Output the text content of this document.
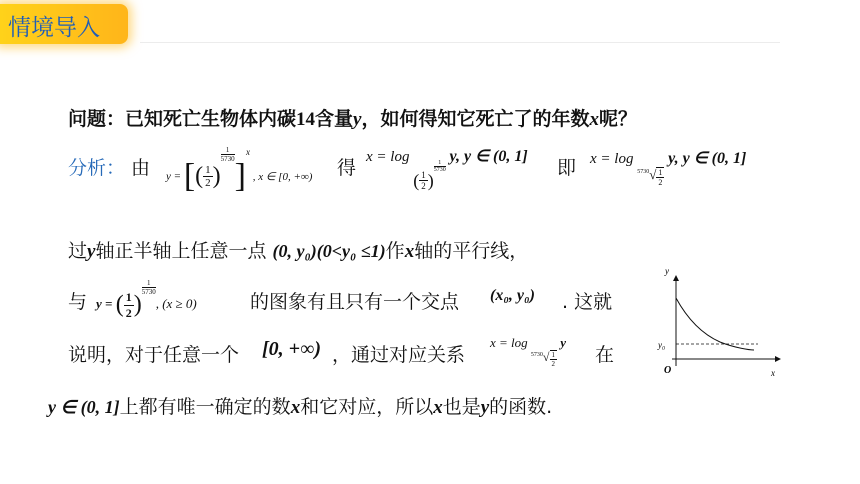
情境导入
问题：已知死亡生物体内碳14含量y，如何得知它死亡了的年数x呢？
分析： 由 y = [( $\frac{1}{2}$ )
$\frac{1}{5730}$
]$^x$ , x ∈ [0, +∞) 得 x = log ( $\frac{1}{2}$ )
$\frac{1}{5730}$
y, y ∈ (0, 1]
即 $x = \log ^{5730}√ \frac{1}{2}$
y, y ∈ (0, 1]
过y轴正半轴上任意一点 (0, y₀)(0<y₀ ≤1)作x轴的平行线，
与 y = ( $\frac{1}{2}$ )
$\frac{1}{5730}$
, (x ≥ 0)	的图象有且只有一个交点 (x₀, y₀) . 这就
说明，对于任意一个 [0, +∞) ，通过对应关系
$x = \log 5730√ \frac{1}{2}$
y
在
y ∈ (0, 1]上都有唯一确定的数x和它对应，所以x也是y的函数.
y
x
y₀
O
